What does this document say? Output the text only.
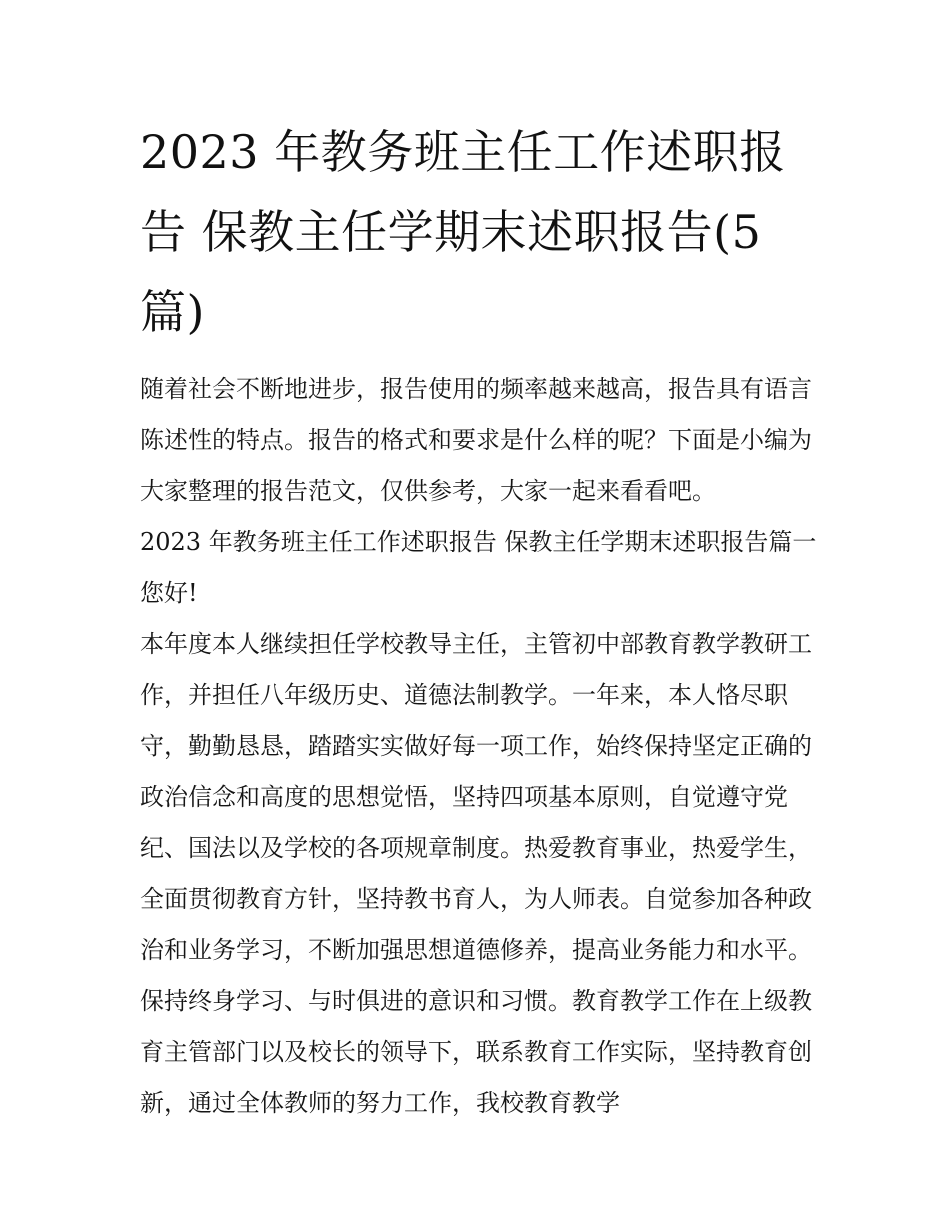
2023 年教务班主任工作述职报告 保教主任学期末述职报告(5 篇)

随着社会不断地进步，报告使用的频率越来越高，报告具有语言陈述性的特点。报告的格式和要求是什么样的呢？下面是小编为大家整理的报告范文，仅供参考，大家一起来看看吧。

2023 年教务班主任工作述职报告 保教主任学期末述职报告篇一 您好!

本年度本人继续担任学校教导主任，主管初中部教育教学教研工作，并担任八年级历史、道德法制教学。一年来，本人恪尽职守，勤勤恳恳，踏踏实实做好每一项工作，始终保持坚定正确的政治信念和高度的思想觉悟，坚持四项基本原则，自觉遵守党纪、国法以及学校的各项规章制度。热爱教育事业，热爱学生，全面贯彻教育方针，坚持教书育人，为人师表。自觉参加各种政治和业务学习，不断加强思想道德修养，提高业务能力和水平。保持终身学习、与时俱进的意识和习惯。教育教学工作在上级教育主管部门以及校长的领导下，联系教育工作实际，坚持教育创新，通过全体教师的努力工作，我校教育教学
